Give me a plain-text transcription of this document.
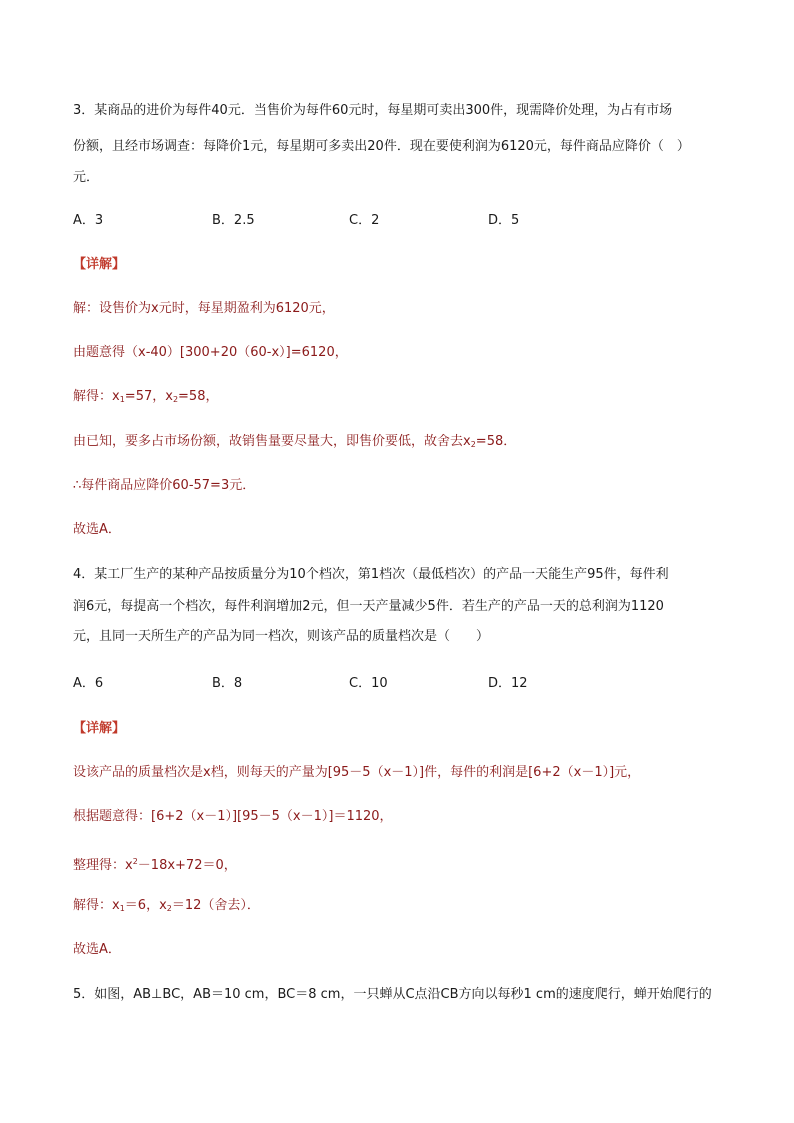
3．某商品的进价为每件40元．当售价为每件60元时，每星期可卖出300件，现需降价处理，为占有市场
份额，且经市场调查：每降价1元，每星期可多卖出20件．现在要使利润为6120元，每件商品应降价（　）
元．
A．3	B．2.5	C．2	D．5
【详解】
解：设售价为x元时，每星期盈利为6120元，
由题意得（x-40）[300+20（60-x）]=6120，
解得：$x_1=57$，$x_2=58$，
由已知，要多占市场份额，故销售量要尽量大，即售价要低，故舍去$x_2=58$．
∴每件商品应降价60-57=3元．
故选A．
4．某工厂生产的某种产品按质量分为10个档次，第1档次（最低档次）的产品一天能生产95件，每件利
润6元，每提高一个档次，每件利润增加2元，但一天产量减少5件．若生产的产品一天的总利润为1120
元，且同一天所生产的产品为同一档次，则该产品的质量档次是（　　）
A．6	B．8	C．10	D．12
【详解】
设该产品的质量档次是x档，则每天的产量为[95－5（x－1）]件，每件的利润是[6+2（x－1）]元，
根据题意得：[6+2（x－1）][95－5（x－1）]＝1120，
整理得：$x^2-18x+72=0$，
解得：$x_1=6$，$x_2=12$（舍去）．
故选A．
5．如图，AB⊥BC，AB＝10 cm，BC＝8 cm，一只蝉从C点沿CB方向以每秒1 cm的速度爬行，蝉开始爬行的
